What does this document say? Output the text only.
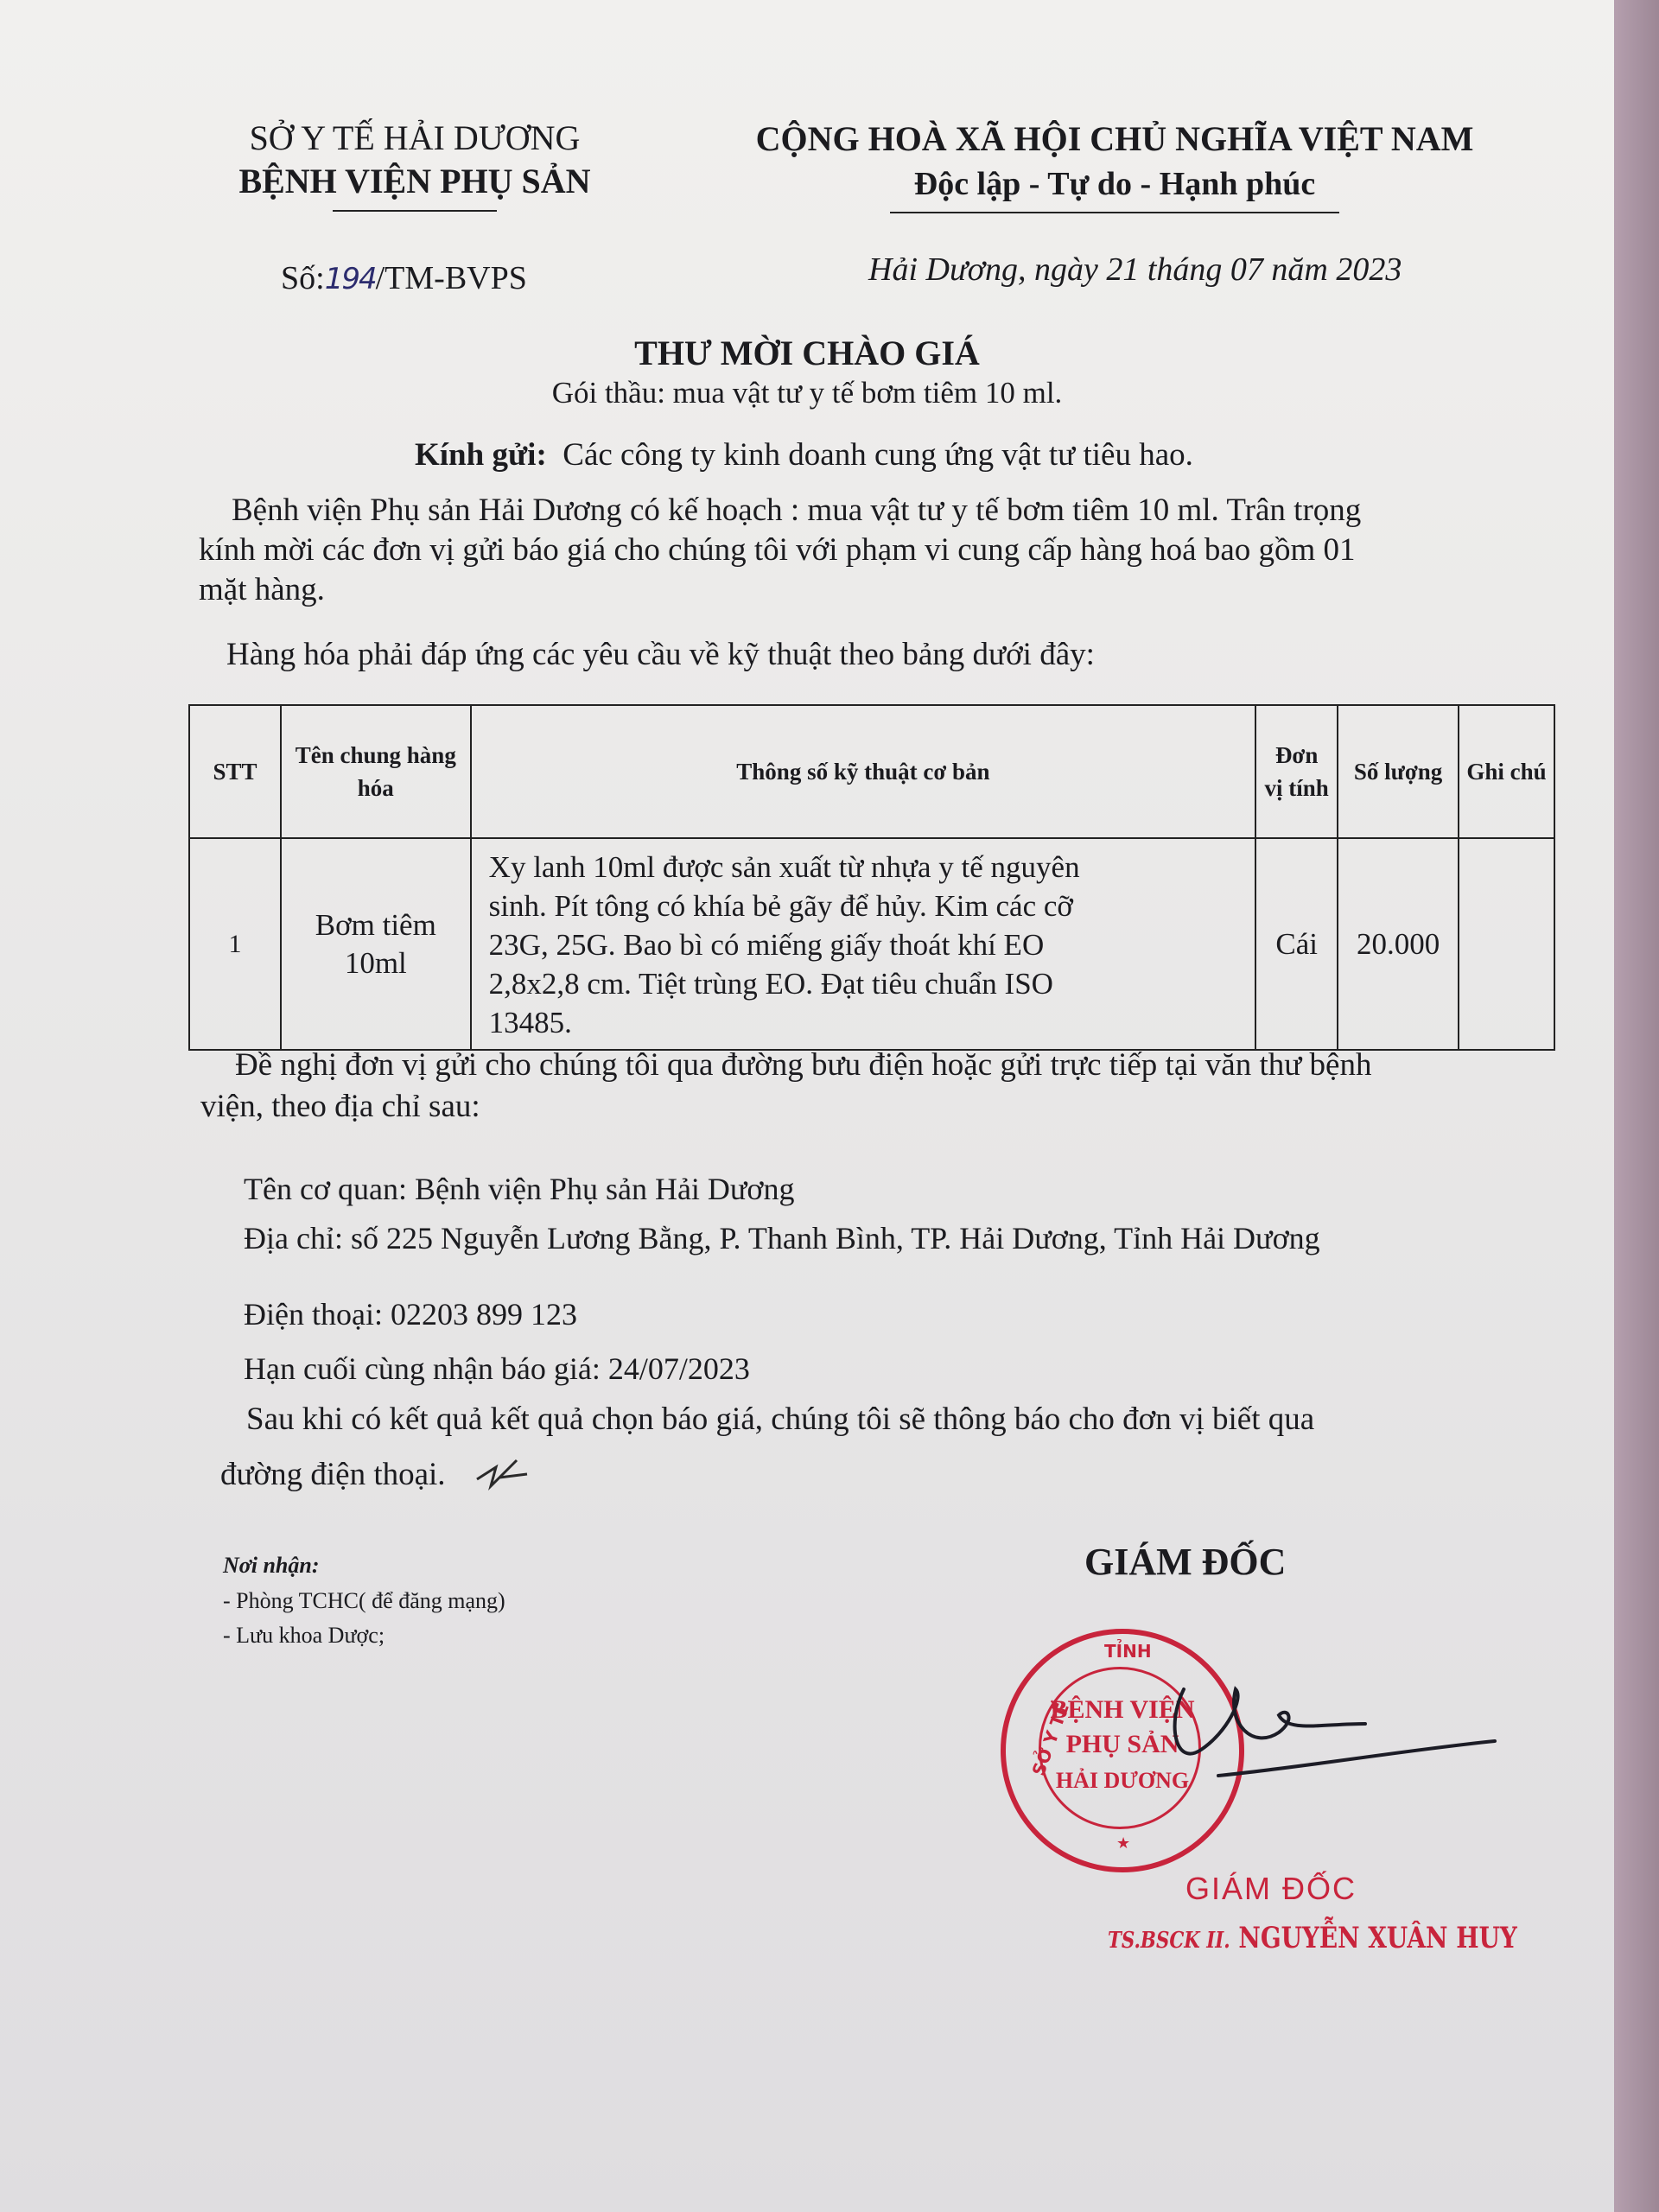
SỞ Y TẾ HẢI DƯƠNG
BỆNH VIỆN PHỤ SẢN
CỘNG HOÀ XÃ HỘI CHỦ NGHĨA VIỆT NAM
Độc lập - Tự do - Hạnh phúc
Số:194/TM-BVPS	Hải Dương, ngày 21 tháng 07 năm 2023
THƯ MỜI CHÀO GIÁ
Gói thầu: mua vật tư y tế bơm tiêm 10 ml.
Kính gửi: Các công ty kinh doanh cung ứng vật tư tiêu hao.
Bệnh viện Phụ sản Hải Dương có kế hoạch : mua vật tư y tế bơm tiêm 10 ml. Trân trọng
kính mời các đơn vị gửi báo giá cho chúng tôi với phạm vi cung cấp hàng hoá bao gồm 01
mặt hàng.
Hàng hóa phải đáp ứng các yêu cầu về kỹ thuật theo bảng dưới đây:
STT	Tên chung hàng hóa	Thông số kỹ thuật cơ bản	Đơn vị tính	Số lượng	Ghi chú
1	Bơm tiêm 10ml	Xy lanh 10ml được sản xuất từ nhựa y tế nguyên
sinh. Pít tông có khía bẻ gãy để hủy. Kim các cỡ
23G, 25G. Bao bì có miếng giấy thoát khí EO
2,8x2,8 cm. Tiệt trùng EO. Đạt tiêu chuẩn ISO
13485.	Cái	20.000	
Đề nghị đơn vị gửi cho chúng tôi qua đường bưu điện hoặc gửi trực tiếp tại văn thư bệnh
viện, theo địa chỉ sau:
Tên cơ quan: Bệnh viện Phụ sản Hải Dương
Địa chỉ: số 225 Nguyễn Lương Bằng, P. Thanh Bình, TP. Hải Dương, Tỉnh Hải Dương
Điện thoại: 02203 899 123
Hạn cuối cùng nhận báo giá: 24/07/2023
Sau khi có kết quả kết quả chọn báo giá, chúng tôi sẽ thông báo cho đơn vị biết qua
đường điện thoại.
Nơi nhận:
- Phòng TCHC( để đăng mạng)
- Lưu khoa Dược;
GIÁM ĐỐC
TỈNH
SỞ Y TẾ
BỆNH VIỆN
PHỤ SẢN
HẢI DƯƠNG
★
GIÁM ĐỐC
TS.BSCK II. NGUYỄN XUÂN HUY
